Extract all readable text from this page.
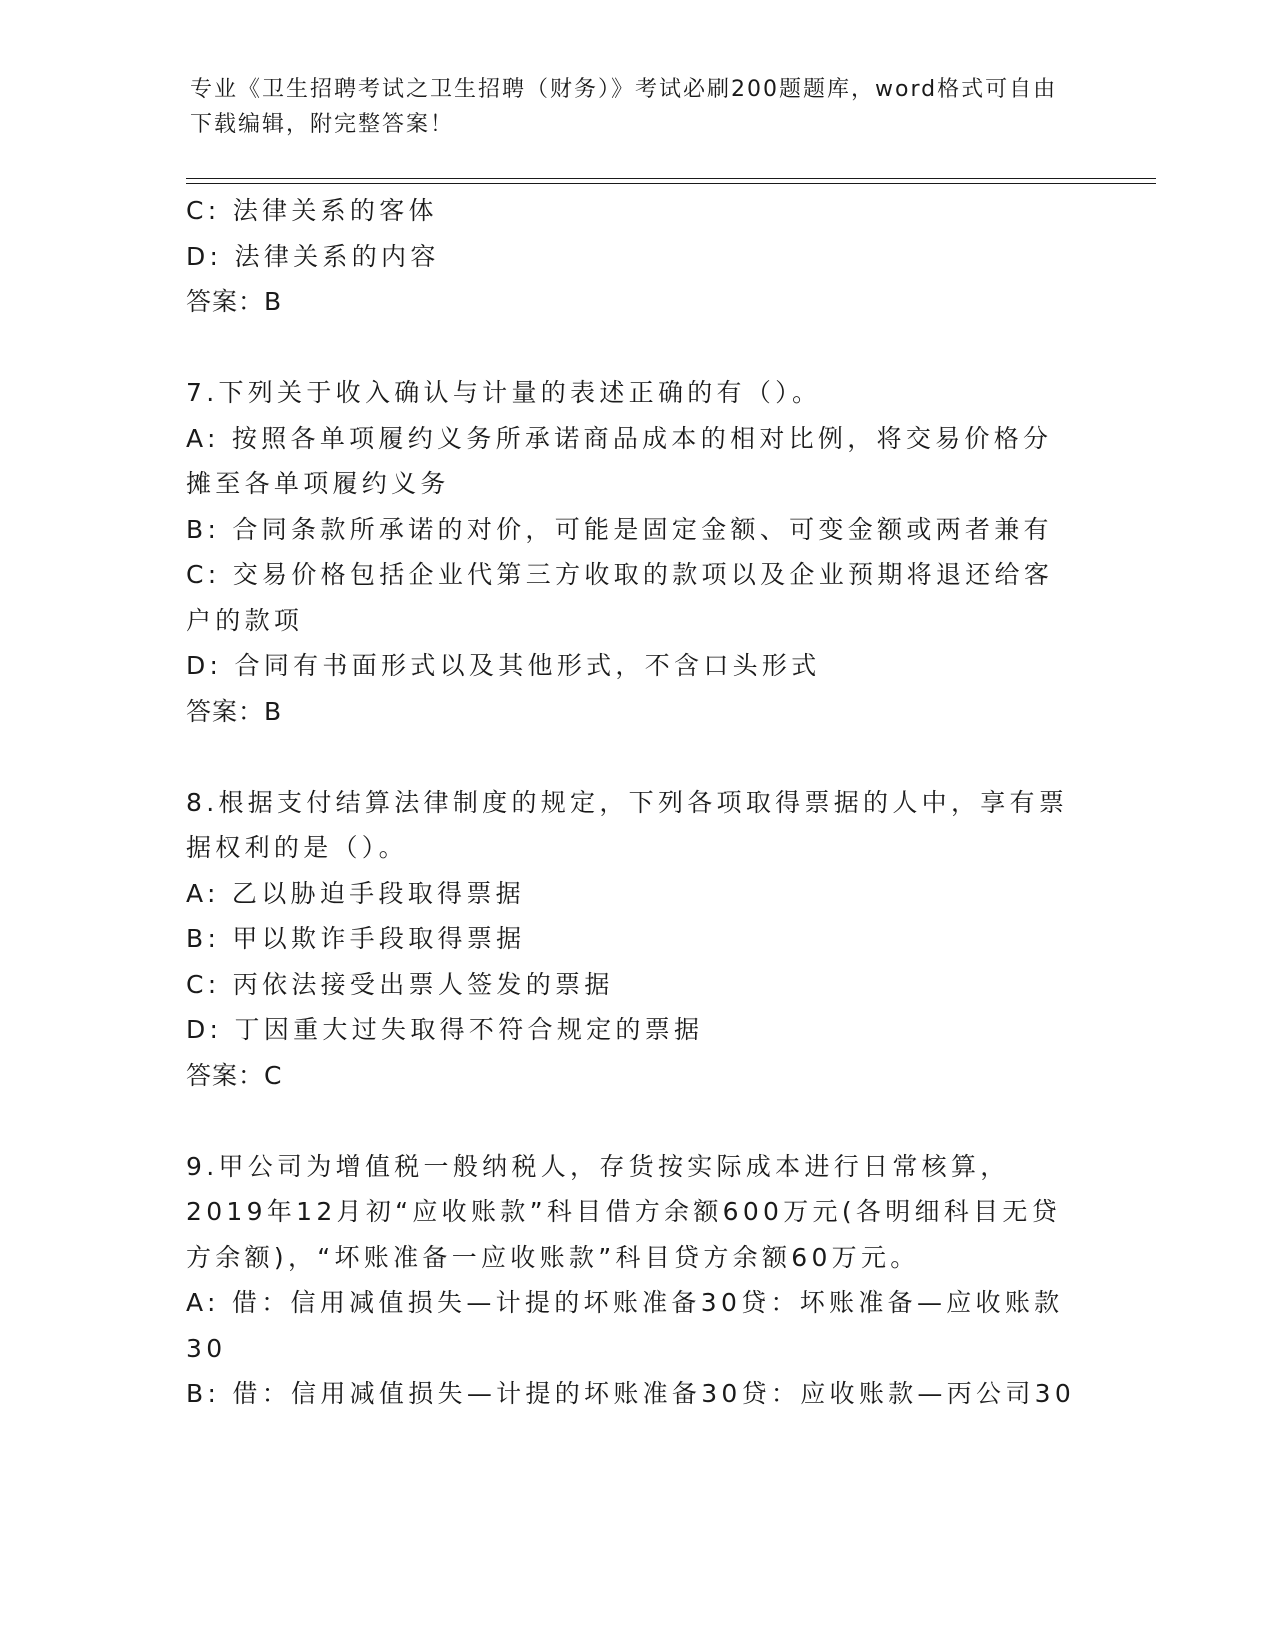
专业《卫生招聘考试之卫生招聘（财务）》考试必刷200题题库，word格式可自由下载编辑，附完整答案！
C: 法律关系的客体
D: 法律关系的内容
答案：B
7.下列关于收入确认与计量的表述正确的有（）。
A: 按照各单项履约义务所承诺商品成本的相对比例，将交易价格分摊至各单项履约义务
B: 合同条款所承诺的对价，可能是固定金额、可变金额或两者兼有
C: 交易价格包括企业代第三方收取的款项以及企业预期将退还给客户的款项
D: 合同有书面形式以及其他形式，不含口头形式
答案：B
8.根据支付结算法律制度的规定，下列各项取得票据的人中，享有票据权利的是（）。
A: 乙以胁迫手段取得票据
B: 甲以欺诈手段取得票据
C: 丙依法接受出票人签发的票据
D: 丁因重大过失取得不符合规定的票据
答案：C
9.甲公司为增值税一般纳税人，存货按实际成本进行日常核算，2019年12月初“应收账款”科目借方余额600万元(各明细科目无贷方余额)，“坏账准备一应收账款”科目贷方余额60万元。
A: 借：信用减值损失—计提的坏账准备30贷：坏账准备—应收账款30
B: 借：信用减值损失—计提的坏账准备30贷：应收账款—丙公司30
